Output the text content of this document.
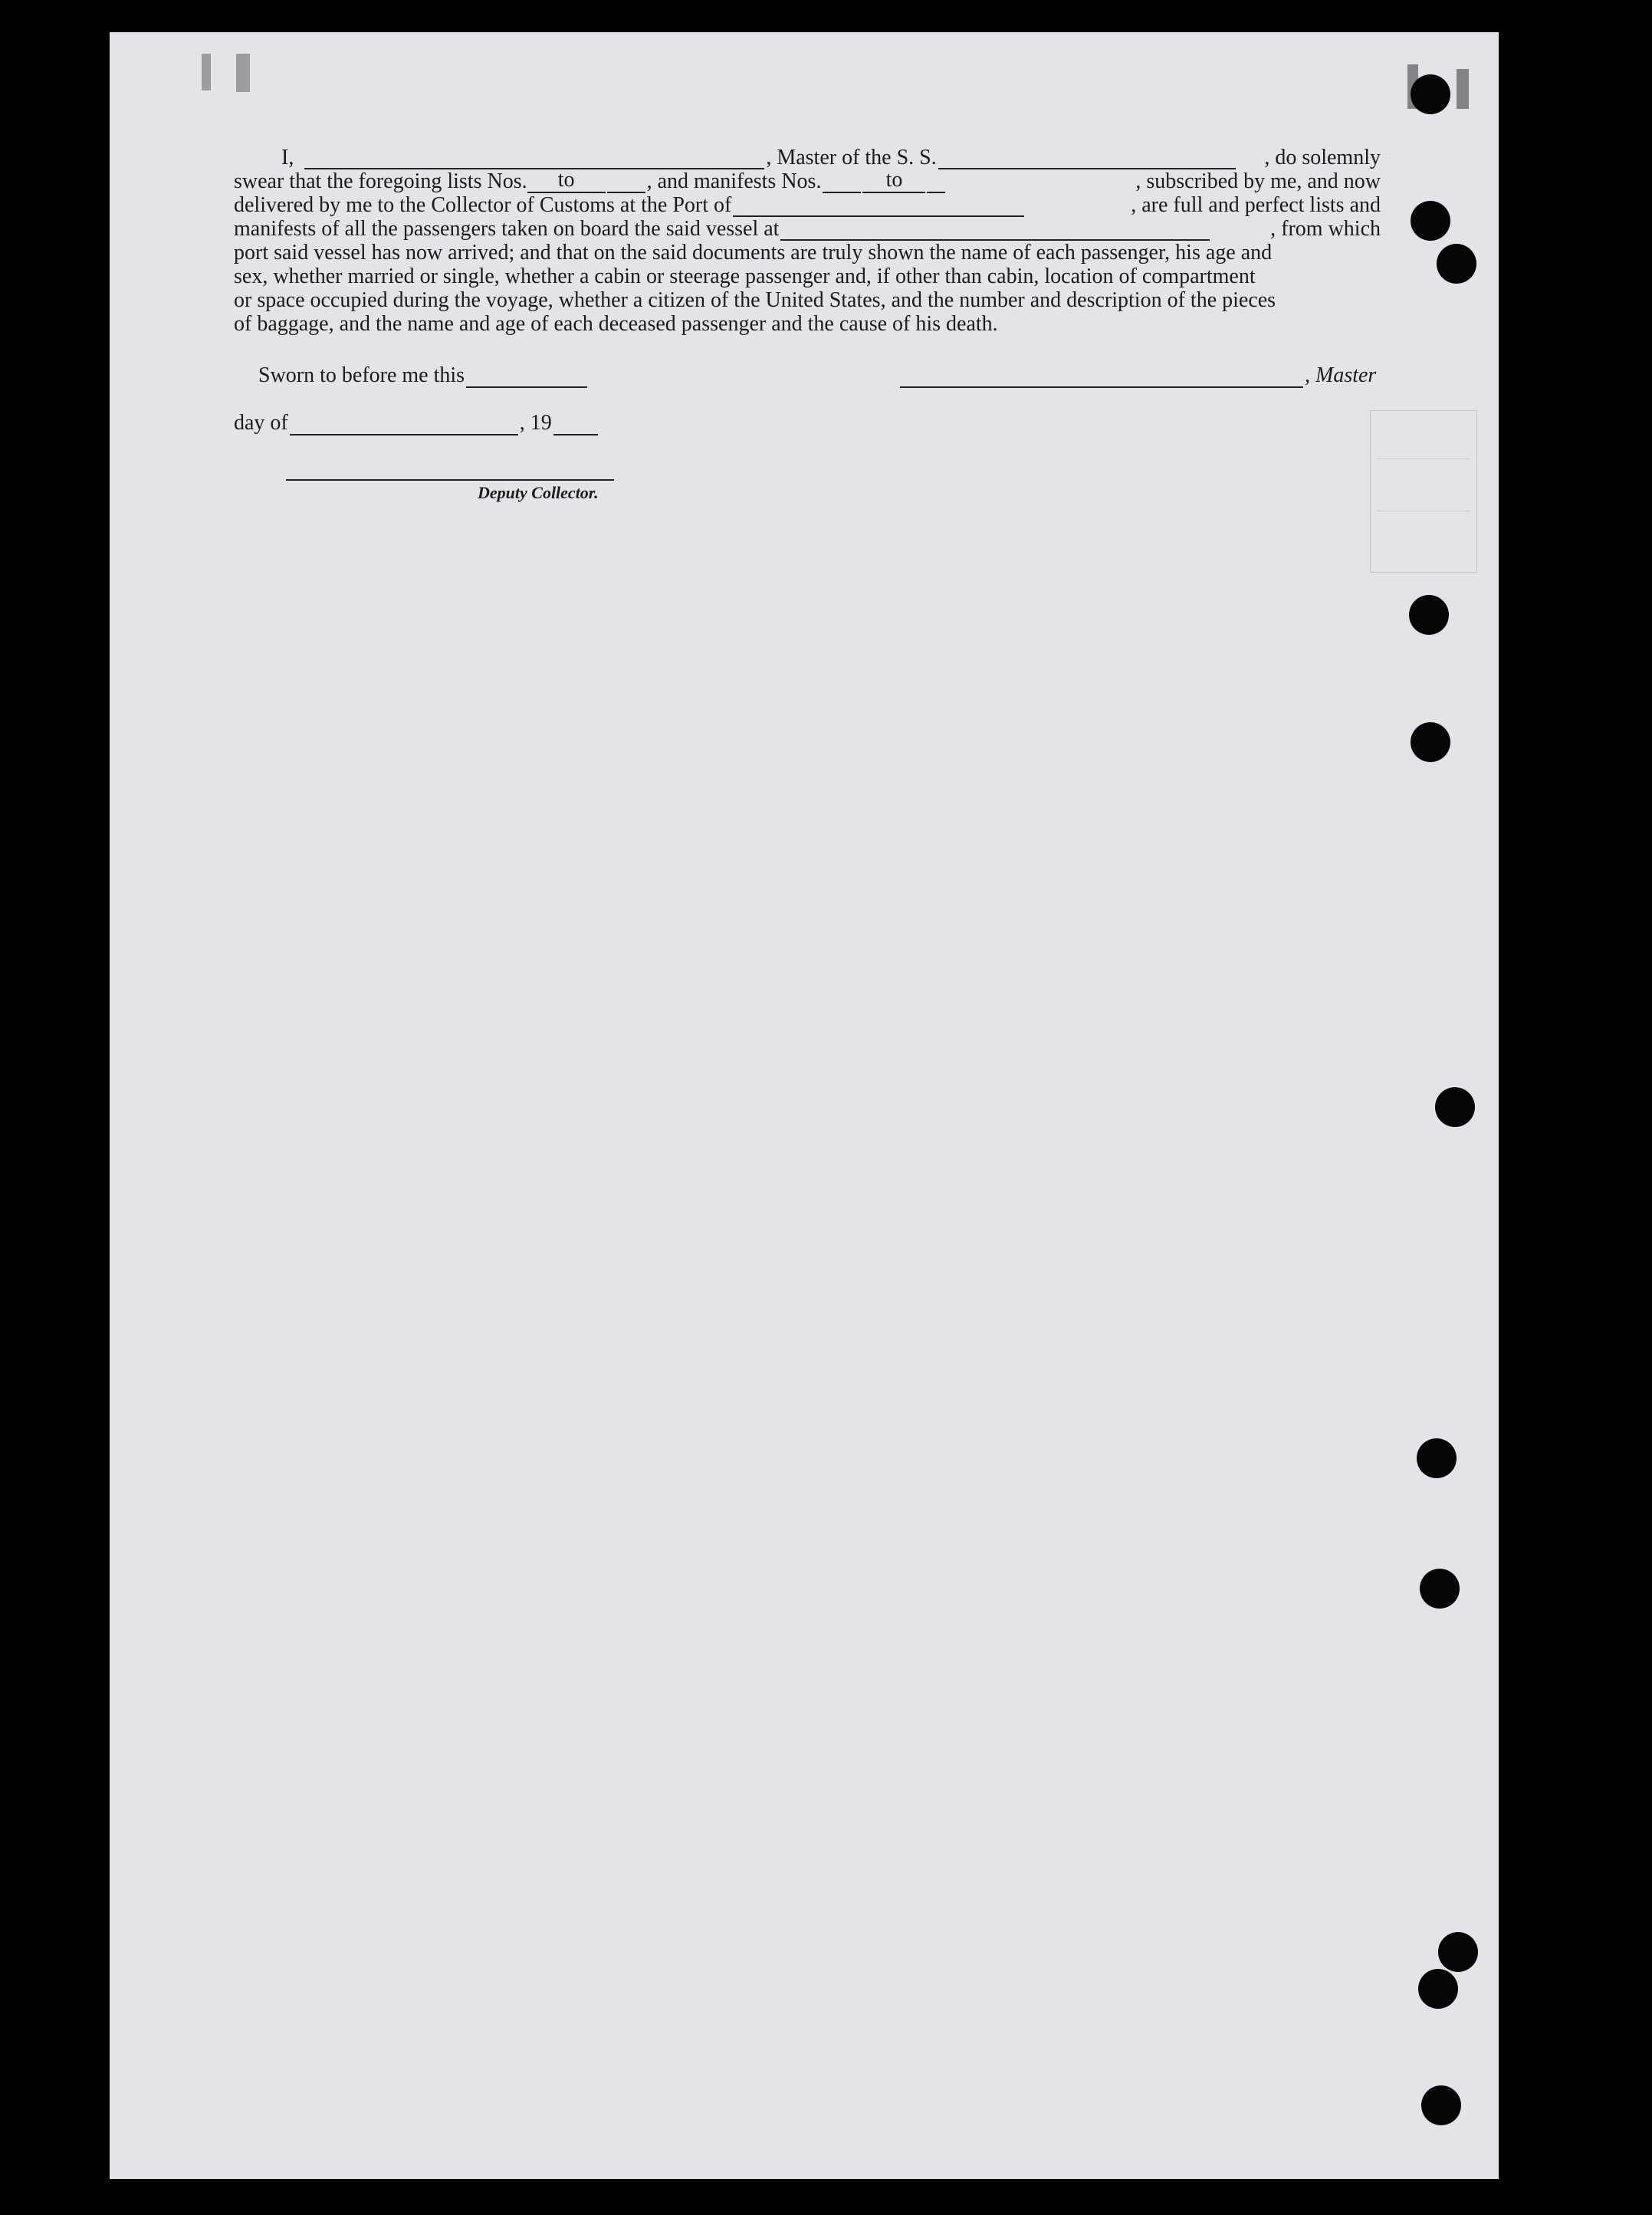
I,	, Master of the S. S.	, do solemnly
swear that the foregoing lists Nos.	to	, and manifests Nos.	to	, subscribed by me, and now
delivered by me to the Collector of Customs at the Port of	, are full and perfect lists and
manifests of all the passengers taken on board the said vessel at	, from which
port said vessel has now arrived; and that on the said documents are truly shown the name of each passenger, his age and
sex, whether married or single, whether a cabin or steerage passenger and, if other than cabin, location of compartment
or space occupied during the voyage, whether a citizen of the United States, and the number and description of the pieces
of baggage, and the name and age of each deceased passenger and the cause of his death.
Sworn to before me this	, Master
day of	, 19
Deputy Collector.
